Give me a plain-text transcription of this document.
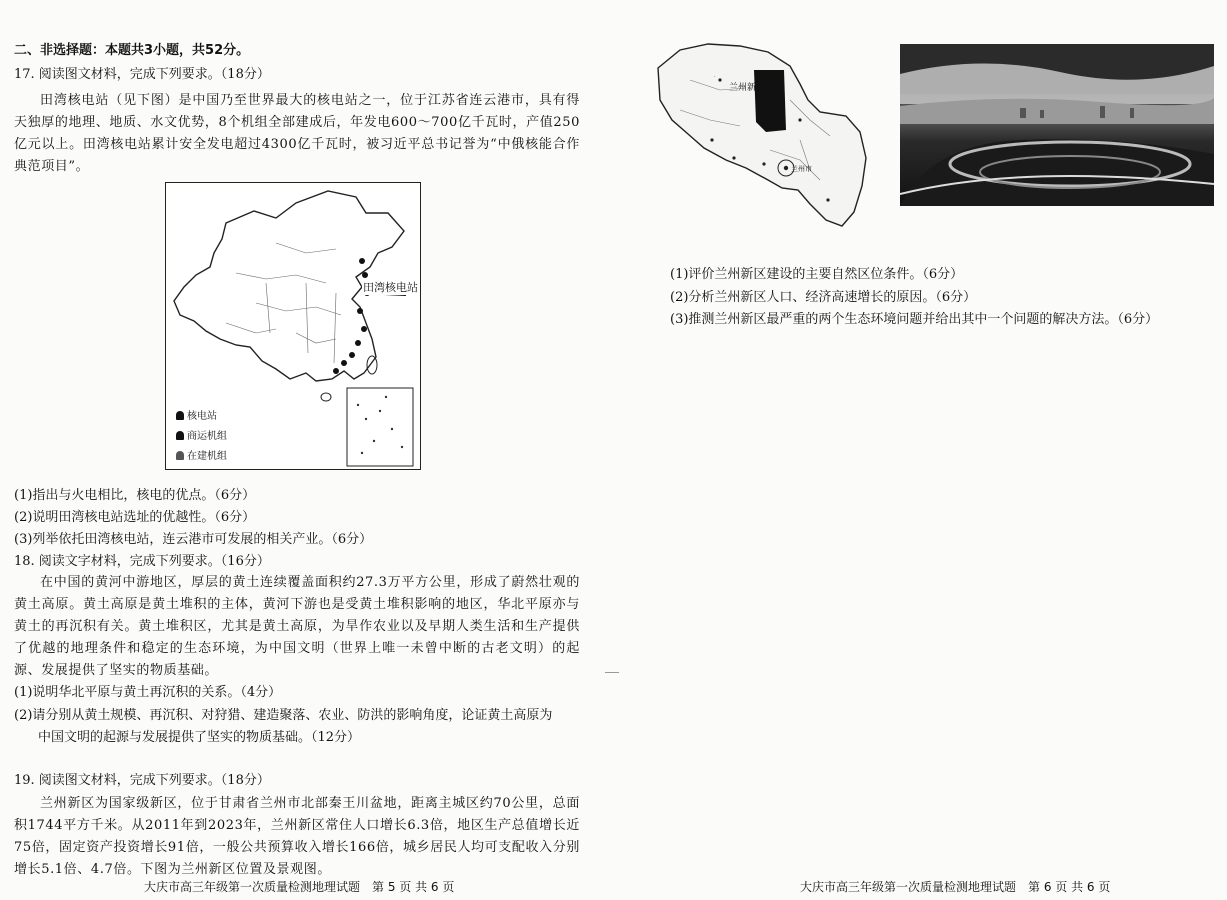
二、非选择题：本题共3小题，共52分。
17. 阅读图文材料，完成下列要求。（18分）
田湾核电站（见下图）是中国乃至世界最大的核电站之一，位于江苏省连云港市，具有得天独厚的地理、地质、水文优势，8个机组全部建成后，年发电600～700亿千瓦时，产值250亿元以上。田湾核电站累计安全发电超过4300亿千瓦时，被习近平总书记誉为“中俄核能合作典范项目”。
田湾核电站
核电站
商运机组
在建机组
(1)指出与火电相比，核电的优点。（6分）
(2)说明田湾核电站选址的优越性。（6分）
(3)列举依托田湾核电站，连云港市可发展的相关产业。（6分）
18. 阅读文字材料，完成下列要求。（16分）
在中国的黄河中游地区，厚层的黄土连续覆盖面积约27.3万平方公里，形成了蔚然壮观的黄土高原。黄土高原是黄土堆积的主体，黄河下游也是受黄土堆积影响的地区，华北平原亦与黄土的再沉积有关。黄土堆积区，尤其是黄土高原，为旱作农业以及早期人类生活和生产提供了优越的地理条件和稳定的生态环境，为中国文明（世界上唯一未曾中断的古老文明）的起源、发展提供了坚实的物质基础。
(1)说明华北平原与黄土再沉积的关系。（4分）
(2)请分别从黄土规模、再沉积、对狩猎、建造聚落、农业、防洪的影响角度，论证黄土高原为
中国文明的起源与发展提供了坚实的物质基础。（12分）
19. 阅读图文材料，完成下列要求。（18分）
兰州新区为国家级新区，位于甘肃省兰州市北部秦王川盆地，距离主城区约70公里，总面积1744平方千米。从2011年到2023年，兰州新区常住人口增长6.3倍，地区生产总值增长近75倍，固定资产投资增长91倍，一般公共预算收入增长166倍，城乡居民人均可支配收入分别增长5.1倍、4.7倍。下图为兰州新区位置及景观图。
大庆市高三年级第一次质量检测地理试题　第 5 页 共 6 页
·
兰州新区
兰州市
(1)评价兰州新区建设的主要自然区位条件。（6分）
(2)分析兰州新区人口、经济高速增长的原因。（6分）
(3)推测兰州新区最严重的两个生态环境问题并给出其中一个问题的解决方法。（6分）
大庆市高三年级第一次质量检测地理试题　第 6 页 共 6 页
